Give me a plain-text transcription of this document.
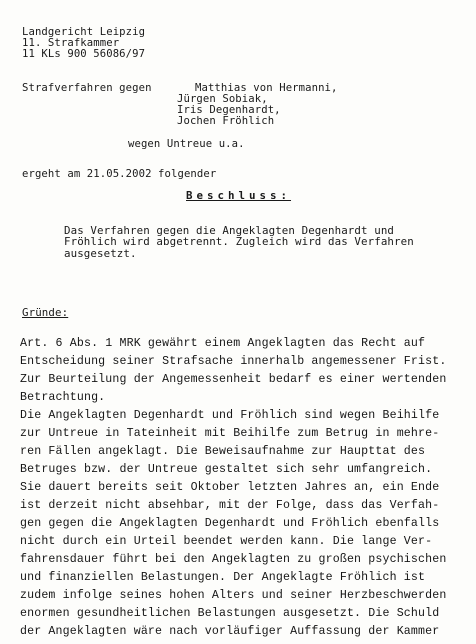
Landgericht Leipzig
11. Strafkammer
11 KLs 900 56086/97
Strafverfahren gegen	Matthias von Hermanni,
Jürgen Sobiak,
Iris Degenhardt,
Jochen Fröhlich
wegen Untreue u.a.
ergeht am 21.05.2002 folgender
Beschluss:
Das Verfahren gegen die Angeklagten Degenhardt und
Fröhlich wird abgetrennt. Zugleich wird das Verfahren
ausgesetzt.
Gründe:
Art. 6 Abs. 1 MRK gewährt einem Angeklagten das Recht auf
Entscheidung seiner Strafsache innerhalb angemessener Frist.
Zur Beurteilung der Angemessenheit bedarf es einer wertenden
Betrachtung.
Die Angeklagten Degenhardt und Fröhlich sind wegen Beihilfe
zur Untreue in Tateinheit mit Beihilfe zum Betrug in mehre-
ren Fällen angeklagt. Die Beweisaufnahme zur Haupttat des
Betruges bzw. der Untreue gestaltet sich sehr umfangreich.
Sie dauert bereits seit Oktober letzten Jahres an, ein Ende
ist derzeit nicht absehbar, mit der Folge, dass das Verfah-
gen gegen die Angeklagten Degenhardt und Fröhlich ebenfalls
nicht durch ein Urteil beendet werden kann. Die lange Ver-
fahrensdauer führt bei den Angeklagten zu großen psychischen
und finanziellen Belastungen. Der Angeklagte Fröhlich ist
zudem infolge seines hohen Alters und seiner Herzbeschwerden
enormen gesundheitlichen Belastungen ausgesetzt. Die Schuld
der Angeklagten wäre nach vorläufiger Auffassung der Kammer
